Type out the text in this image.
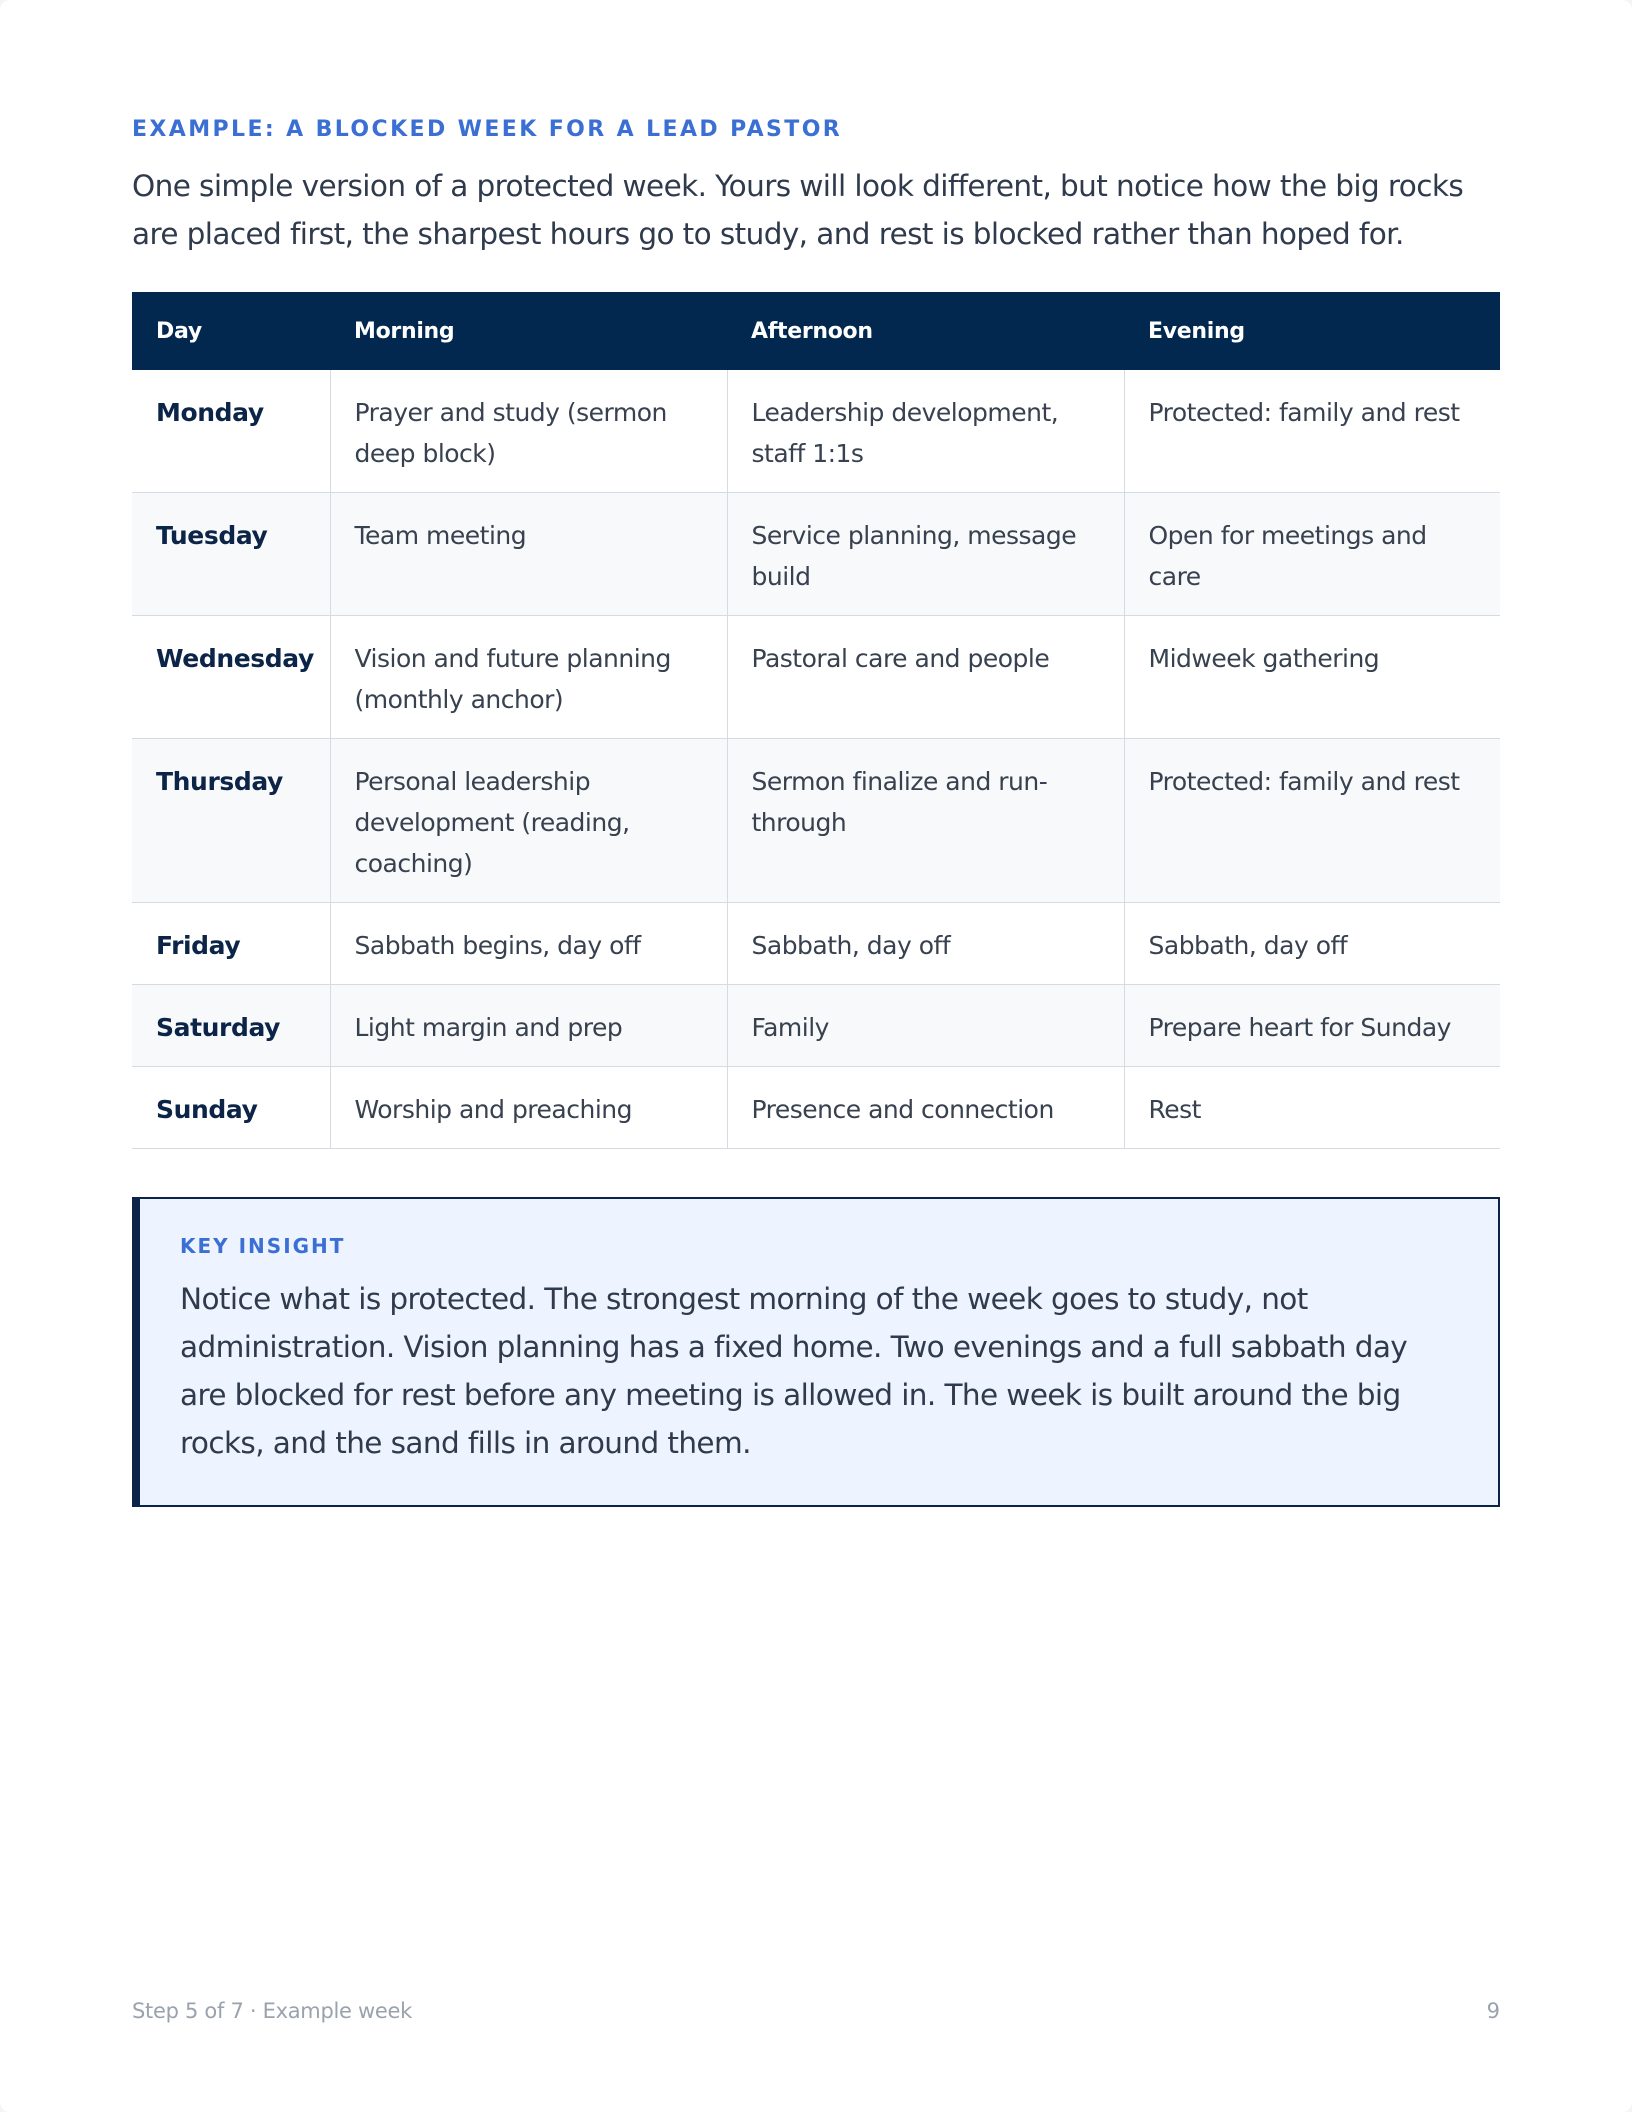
EXAMPLE: A BLOCKED WEEK FOR A LEAD PASTOR

One simple version of a protected week. Yours will look different, but notice how the big rocks are placed first, the sharpest hours go to study, and rest is blocked rather than hoped for.

Day	Morning	Afternoon	Evening
Monday	Prayer and study (sermon deep block)	Leadership development, staff 1:1s	Protected: family and rest
Tuesday	Team meeting	Service planning, message build	Open for meetings and care
Wednesday	Vision and future planning (monthly anchor)	Pastoral care and people	Midweek gathering
Thursday	Personal leadership development (reading, coaching)	Sermon finalize and run-through	Protected: family and rest
Friday	Sabbath begins, day off	Sabbath, day off	Sabbath, day off
Saturday	Light margin and prep	Family	Prepare heart for Sunday
Sunday	Worship and preaching	Presence and connection	Rest

KEY INSIGHT

Notice what is protected. The strongest morning of the week goes to study, not administration. Vision planning has a fixed home. Two evenings and a full sabbath day are blocked for rest before any meeting is allowed in. The week is built around the big rocks, and the sand fills in around them.

Step 5 of 7 · Example week	9
